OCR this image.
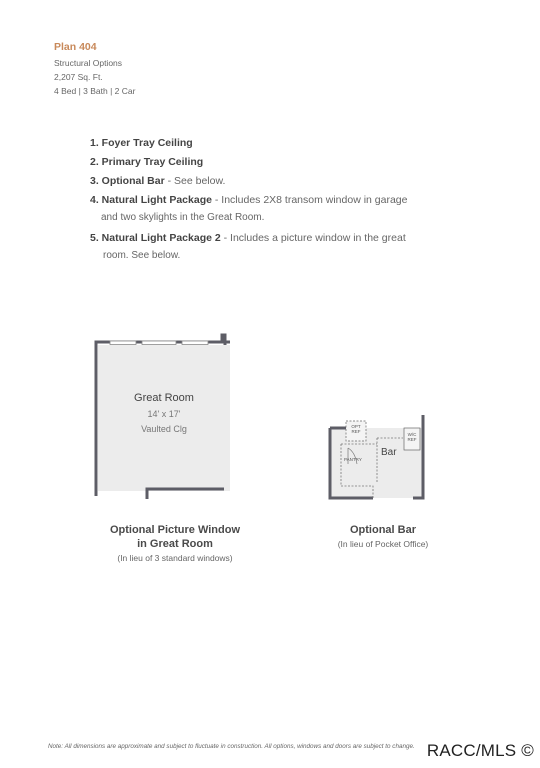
Plan 404
Structural Options
2,207 Sq. Ft.
4 Bed | 3 Bath | 2 Car
1. Foyer Tray Ceiling
2. Primary Tray Ceiling
3. Optional Bar - See below.
4. Natural Light Package - Includes 2X8 transom window in garage
and two skylights in the Great Room.
5. Natural Light Package 2 - Includes a picture window in the great
room. See below.
Great Room
14' x 17'
Vaulted Clg
Optional Picture Window
in Great Room
(In lieu of 3 standard windows)
OPT
REF
W/C
REF
Bar
PANTRY
Optional Bar
(In lieu of Pocket Office)
Note: All dimensions are approximate and subject to fluctuate in construction. All options, windows and doors are subject to change. RACC/MLS ©
